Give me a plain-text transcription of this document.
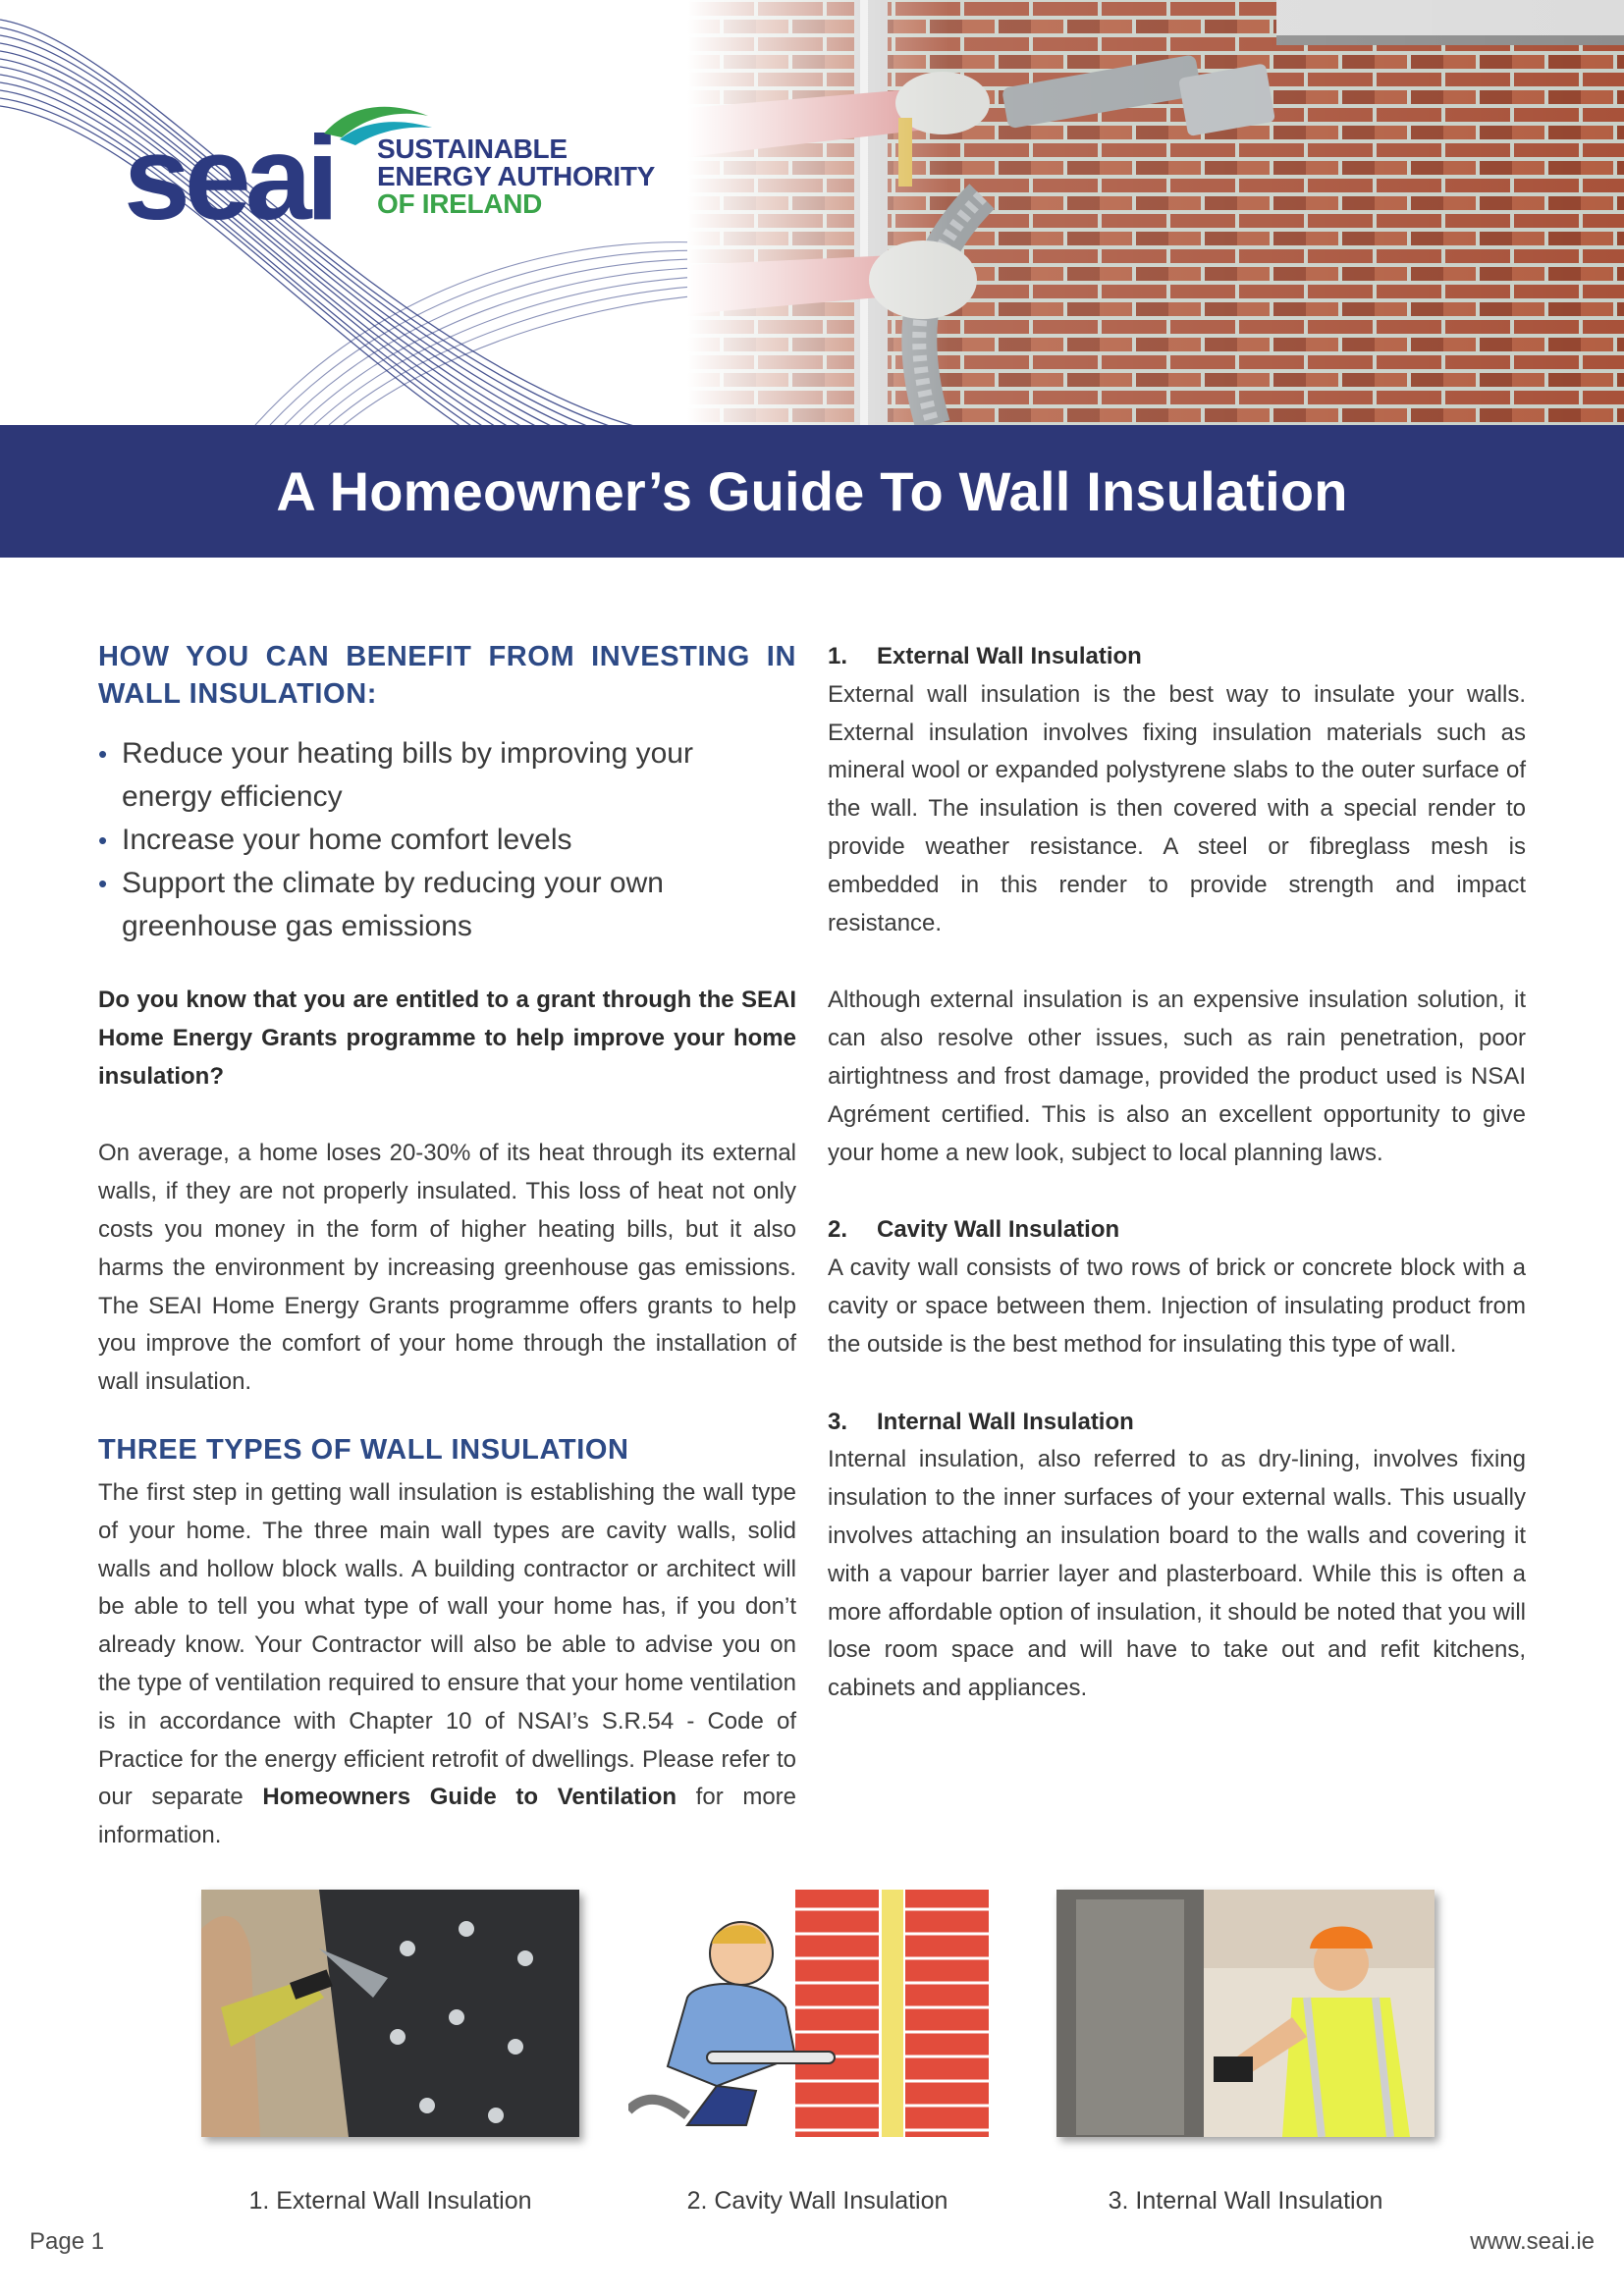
seai SUSTAINABLE
ENERGY AUTHORITY
OF IRELAND
A Homeowner’s Guide To Wall Insulation
HOW YOU CAN BENEFIT FROM INVESTING IN WALL INSULATION:
• Reduce your heating bills by improving your
energy efficiency
• Increase your home comfort levels
• Support the climate by reducing your own
greenhouse gas emissions

Do you know that you are entitled to a grant through the SEAI Home Energy Grants programme to help improve your home insulation?

On average, a home loses 20-30% of its heat through its external walls, if they are not properly insulated. This loss of heat not only costs you money in the form of higher heating bills, but it also harms the environment by increasing greenhouse gas emissions. The SEAI Home Energy Grants programme offers grants to help you improve the comfort of your home through the installation of wall insulation.

THREE TYPES OF WALL INSULATION

The first step in getting wall insulation is establishing the wall type of your home. The three main wall types are cavity walls, solid walls and hollow block walls. A building contractor or architect will be able to tell you what type of wall your home has, if you don’t already know. Your Contractor will also be able to advise you on the type of ventilation required to ensure that your home ventilation is in accordance with Chapter 10 of NSAI’s S.R.54 - Code of Practice for the energy efficient retrofit of dwellings. Please refer to our separate Homeowners Guide to Ventilation for more information.

1. External Wall Insulation

External wall insulation is the best way to insulate your walls. External insulation involves fixing insulation materials such as mineral wool or expanded polystyrene slabs to the outer surface of the wall. The insulation is then covered with a special render to provide weather resistance. A steel or fibreglass mesh is embedded in this render to provide strength and impact resistance.

Although external insulation is an expensive insulation solution, it can also resolve other issues, such as rain penetration, poor airtightness and frost damage, provided the product used is NSAI Agrément certified. This is also an excellent opportunity to give your home a new look, subject to local planning laws.

2. Cavity Wall Insulation

A cavity wall consists of two rows of brick or concrete block with a cavity or space between them. Injection of insulating product from the outside is the best method for insulating this type of wall.

3. Internal Wall Insulation

Internal insulation, also referred to as dry-lining, involves fixing insulation to the inner surfaces of your external walls. This usually involves attaching an insulation board to the walls and covering it with a vapour barrier layer and plasterboard. While this is often a more affordable option of insulation, it should be noted that you will lose room space and will have to take out and refit kitchens, cabinets and appliances.

1. External Wall Insulation	2. Cavity Wall Insulation	3. Internal Wall Insulation
Page 1	www.seai.ie
